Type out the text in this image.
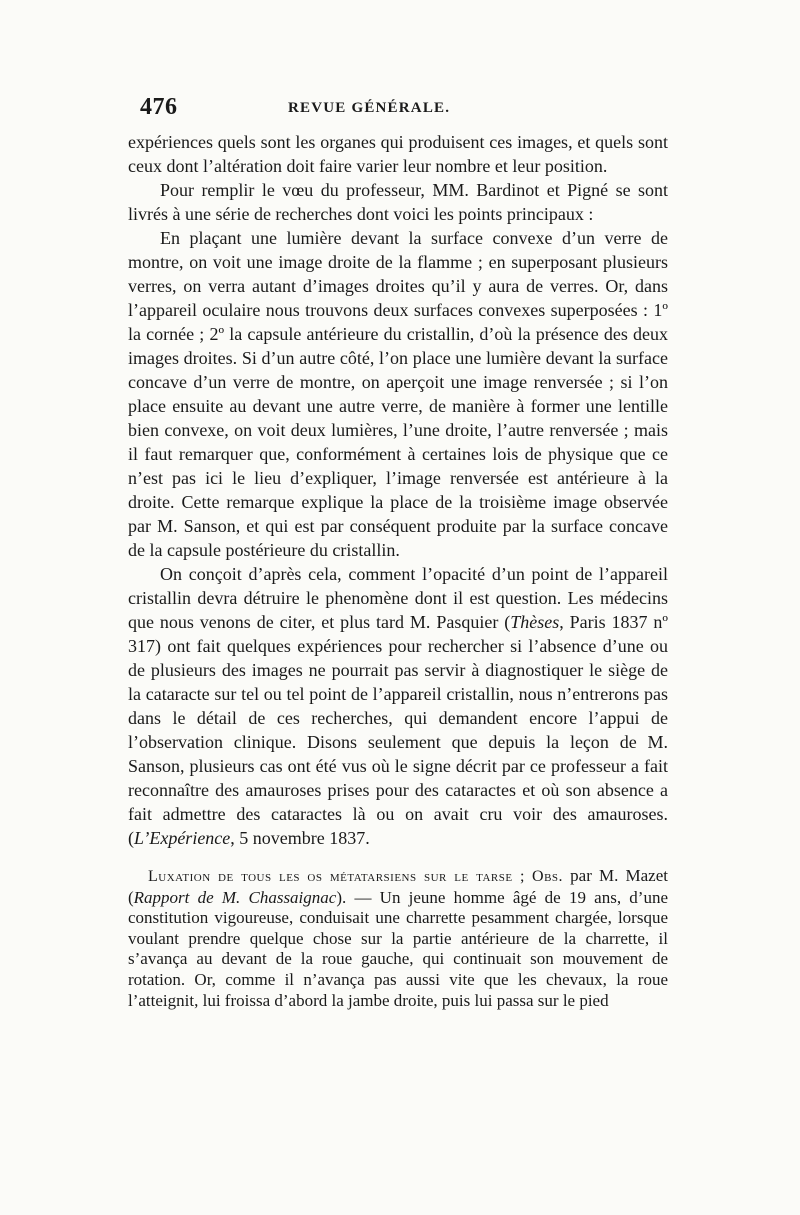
476	REVUE GÉNÉRALE.

expériences quels sont les organes qui produisent ces images, et quels sont ceux dont l’altération doit faire varier leur nombre et leur position.

Pour remplir le vœu du professeur, MM. Bardinot et Pigné se sont livrés à une série de recherches dont voici les points principaux :

En plaçant une lumière devant la surface convexe d’un verre de montre, on voit une image droite de la flamme ; en superposant plusieurs verres, on verra autant d’images droites qu’il y aura de verres. Or, dans l’appareil oculaire nous trouvons deux surfaces convexes superposées : 1º la cornée ; 2º la capsule antérieure du cristallin, d’où la présence des deux images droites. Si d’un autre côté, l’on place une lumière devant la surface concave d’un verre de montre, on aperçoit une image renversée ; si l’on place ensuite au devant une autre verre, de manière à former une lentille bien convexe, on voit deux lumières, l’une droite, l’autre renversée ; mais il faut remarquer que, conformément à certaines lois de physique que ce n’est pas ici le lieu d’expliquer, l’image renversée est antérieure à la droite. Cette remarque explique la place de la troisième image observée par M. Sanson, et qui est par conséquent produite par la surface concave de la capsule postérieure du cristallin.

On conçoit d’après cela, comment l’opacité d’un point de l’appareil cristallin devra détruire le phenomène dont il est question. Les médecins que nous venons de citer, et plus tard M. Pasquier (Thèses, Paris 1837 nº 317) ont fait quelques expériences pour rechercher si l’absence d’une ou de plusieurs des images ne pourrait pas servir à diagnostiquer le siège de la cataracte sur tel ou tel point de l’appareil cristallin, nous n’entrerons pas dans le détail de ces recherches, qui demandent encore l’appui de l’observation clinique. Disons seulement que depuis la leçon de M. Sanson, plusieurs cas ont été vus où le signe décrit par ce professeur a fait reconnaître des amauroses prises pour des cataractes et où son absence a fait admettre des cataractes là ou on avait cru voir des amauroses. (L’Expérience, 5 novembre 1837.

Luxation de tous les os métatarsiens sur le tarse ; Obs. par M. Mazet (Rapport de M. Chassaignac). — Un jeune homme âgé de 19 ans, d’une constitution vigoureuse, conduisait une charrette pesamment chargée, lorsque voulant prendre quelque chose sur la partie antérieure de la charrette, il s’avança au devant de la roue gauche, qui continuait son mouvement de rotation. Or, comme il n’avança pas aussi vite que les chevaux, la roue l’atteignit, lui froissa d’abord la jambe droite, puis lui passa sur le pied
